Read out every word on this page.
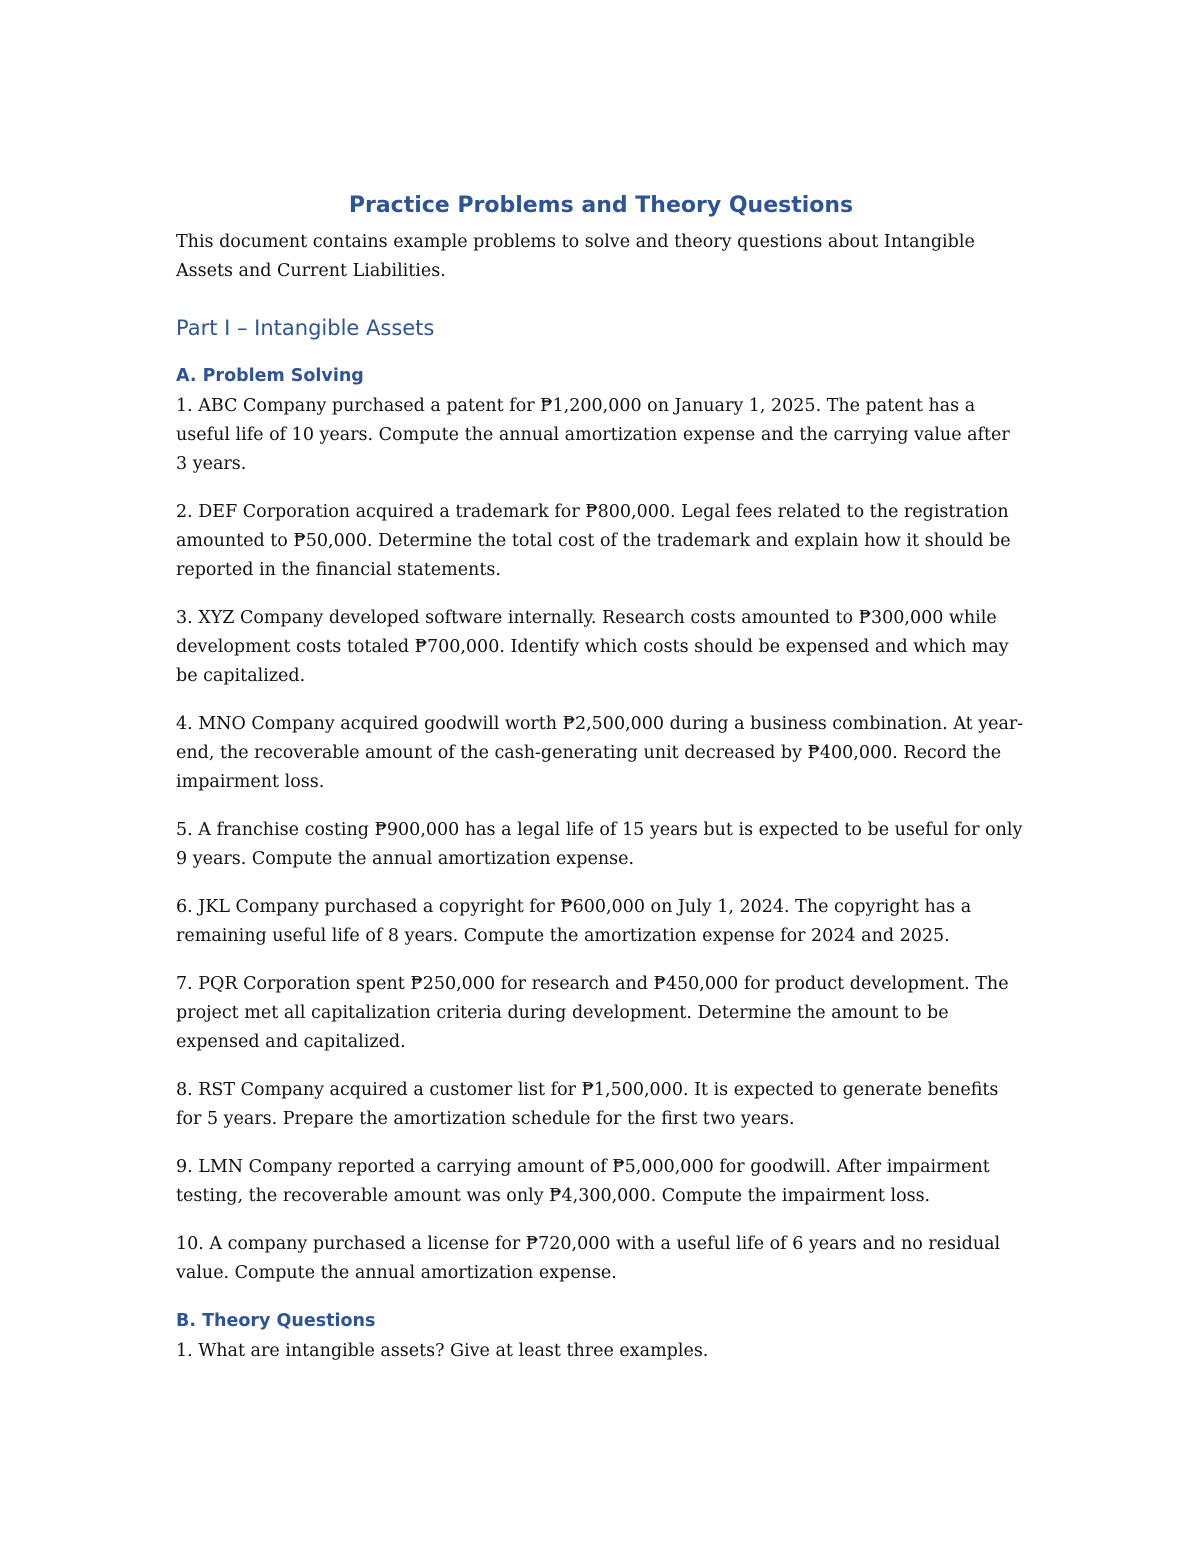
Practice Problems and Theory Questions

This document contains example problems to solve and theory questions about Intangible Assets and Current Liabilities.

Part I – Intangible Assets
A. Problem Solving

1. ABC Company purchased a patent for ₱1,200,000 on January 1, 2025. The patent has a useful life of 10 years. Compute the annual amortization expense and the carrying value after 3 years.

2. DEF Corporation acquired a trademark for ₱800,000. Legal fees related to the registration amounted to ₱50,000. Determine the total cost of the trademark and explain how it should be reported in the financial statements.

3. XYZ Company developed software internally. Research costs amounted to ₱300,000 while development costs totaled ₱700,000. Identify which costs should be expensed and which may be capitalized.

4. MNO Company acquired goodwill worth ₱2,500,000 during a business combination. At year-end, the recoverable amount of the cash-generating unit decreased by ₱400,000. Record the impairment loss.

5. A franchise costing ₱900,000 has a legal life of 15 years but is expected to be useful for only 9 years. Compute the annual amortization expense.

6. JKL Company purchased a copyright for ₱600,000 on July 1, 2024. The copyright has a remaining useful life of 8 years. Compute the amortization expense for 2024 and 2025.

7. PQR Corporation spent ₱250,000 for research and ₱450,000 for product development. The project met all capitalization criteria during development. Determine the amount to be expensed and capitalized.

8. RST Company acquired a customer list for ₱1,500,000. It is expected to generate benefits for 5 years. Prepare the amortization schedule for the first two years.

9. LMN Company reported a carrying amount of ₱5,000,000 for goodwill. After impairment testing, the recoverable amount was only ₱4,300,000. Compute the impairment loss.

10. A company purchased a license for ₱720,000 with a useful life of 6 years and no residual value. Compute the annual amortization expense.

B. Theory Questions

1. What are intangible assets? Give at least three examples.
